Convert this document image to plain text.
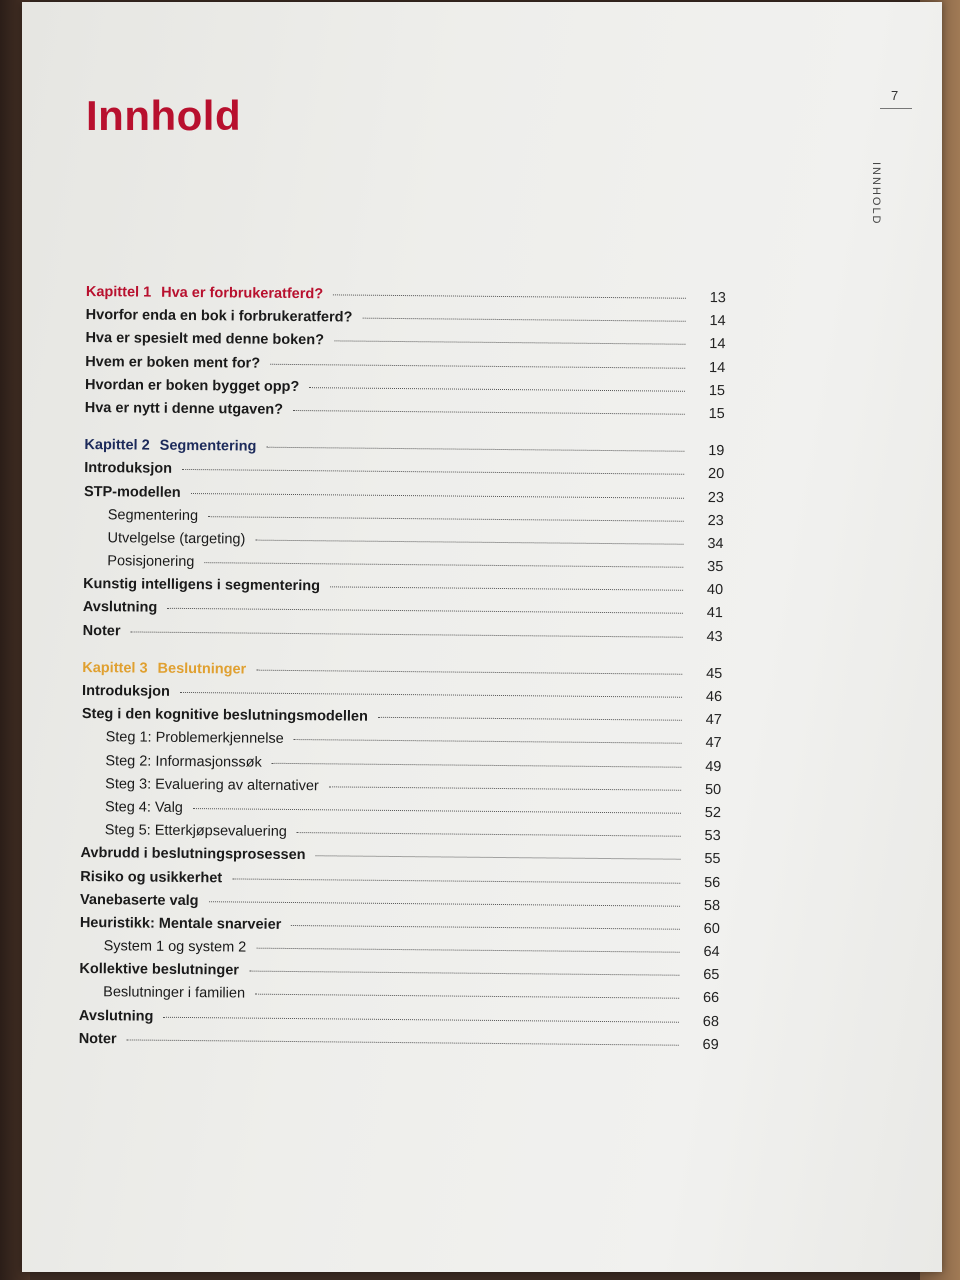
7
INNHOLD
Innhold
Kapittel 1 Hva er forbrukeratferd?	13
Hvorfor enda en bok i forbrukeratferd?	14
Hva er spesielt med denne boken?	14
Hvem er boken ment for?	14
Hvordan er boken bygget opp?	15
Hva er nytt i denne utgaven?	15
Kapittel 2 Segmentering	19
Introduksjon	20
STP-modellen	23
Segmentering	23
Utvelgelse (targeting)	34
Posisjonering	35
Kunstig intelligens i segmentering	40
Avslutning	41
Noter	43
Kapittel 3 Beslutninger	45
Introduksjon	46
Steg i den kognitive beslutningsmodellen	47
Steg 1: Problemerkjennelse	47
Steg 2: Informasjonssøk	49
Steg 3: Evaluering av alternativer	50
Steg 4: Valg	52
Steg 5: Etterkjøpsevaluering	53
Avbrudd i beslutningsprosessen	55
Risiko og usikkerhet	56
Vanebaserte valg	58
Heuristikk: Mentale snarveier	60
System 1 og system 2	64
Kollektive beslutninger	65
Beslutninger i familien	66
Avslutning	68
Noter	69
